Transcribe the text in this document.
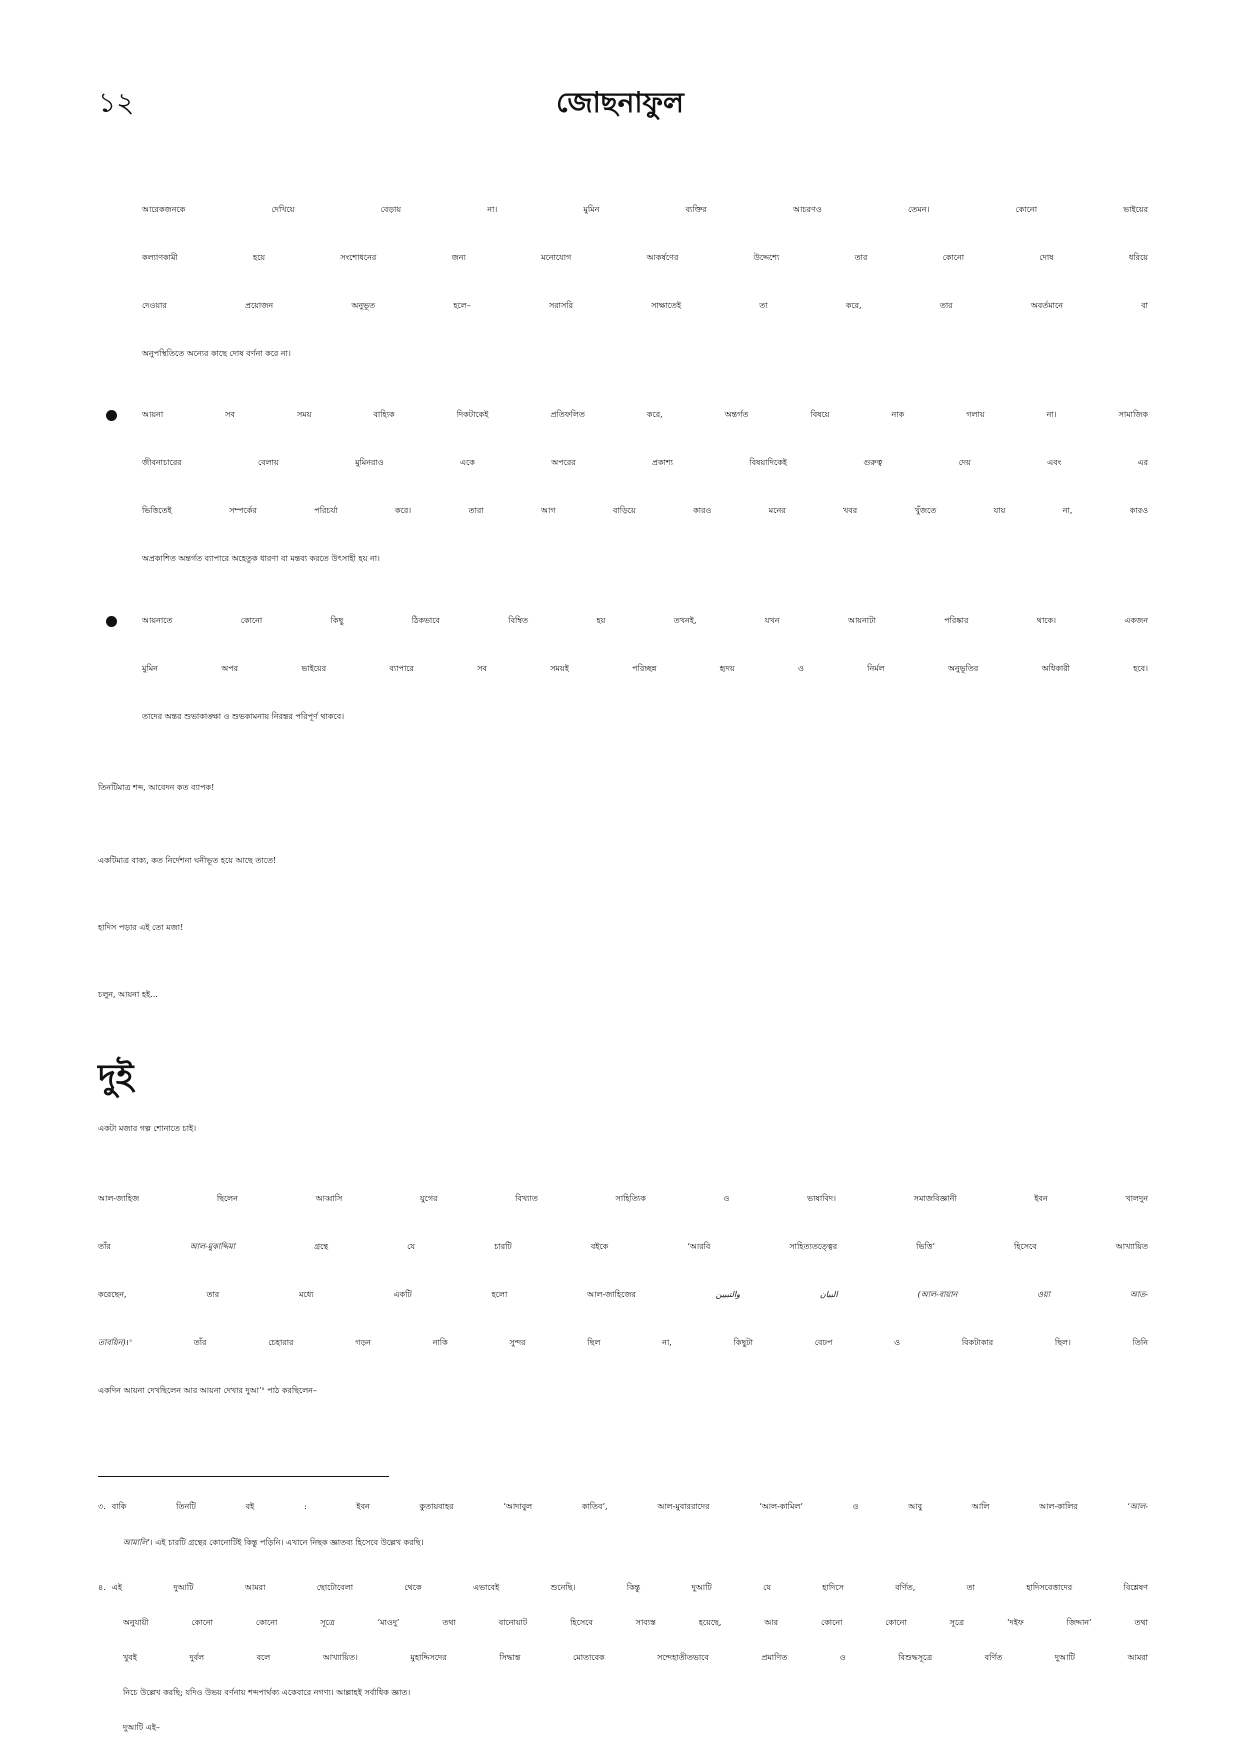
১২	জোছনাফুল
আরেকজনকে দেখিয়ে বেড়ায় না। মুমিন ব্যক্তির আচরণও তেমন। কোনো ভাইয়ের
কল্যাণকামী হয়ে সংশোধনের জন্য মনোযোগ আকর্ষণের উদ্দেশ্যে তার কোনো দোষ ধরিয়ে
দেওয়ার প্রয়োজন অনুভূত হলে– সরাসরি সাক্ষাতেই তা করে, তার অবর্তমানে বা
অনুপস্থিতিতে অন্যের কাছে দোষ বর্ণনা করে না।
আয়না সব সময় বাহ্যিক দিকটাকেই প্রতিফলিত করে, অন্তর্গত বিষয়ে নাক গলায় না। সামাজিক
জীবনাচারের বেলায় মুমিনরাও একে অপরের প্রকাশ্য বিষয়াদিকেই গুরুত্ব দেয় এবং এর
ভিত্তিতেই সম্পর্কের পরিচর্যা করে। তারা আগ বাড়িয়ে কারও মনের খবর খুঁজতে যায় না, কারও
অপ্রকাশিত অন্তর্গত ব্যাপারে অহেতুক ধারণা বা মন্তব্য করতে উৎসাহী হয় না।
আয়নাতে কোনো কিছু ঠিকভাবে বিম্বিত হয় তখনই, যখন আয়নাটা পরিষ্কার থাকে। একজন
মুমিন অপর ভাইয়ের ব্যাপারে সব সময়ই পরিচ্ছন্ন হৃদয় ও নির্মল অনুভূতির অধিকারী হবে।
তাদের অন্তর শুভাকাঙ্ক্ষা ও শুভকামনায় নিরন্তর পরিপূর্ণ থাকবে।
তিনটিমাত্র শব্দ, আবেদন কত ব্যাপক!
একটিমাত্র বাক্য, কত নির্দেশনা ঘনীভূত হয়ে আছে তাতে!
হাদিস পড়ার এই তো মজা!
চলুন, আয়না হই...
দুই
একটা মজার গল্প শোনাতে চাই।
আল-জাহিজ ছিলেন আব্বাসি যুগের বিখ্যাত সাহিত্যিক ও ভাষাবিদ। সমাজবিজ্ঞানী ইবন খালদুন
তাঁর আল-মুকাদ্দিমা গ্রন্থে যে চারটি বইকে ‘আরবি সাহিত্যতত্ত্বের ভিত্তি’ হিসেবে আখ্যায়িত
করেছেন, তার মধ্যে একটি হলো আল-জাহিজের البيان والتبيين (আল-বায়ান ওয়া আত-
তাবয়িন)।$^৩$ তাঁর চেহারার গড়ন নাকি সুন্দর ছিল না, কিছুটা বেঢপ ও বিকটাকার ছিল। তিনি
একদিন আয়না দেখছিলেন আর আয়না দেখার দুআ’$^৪$ পাঠ করছিলেন–
৩. বাকি তিনটি বই : ইবন কুতায়বাহর ‘আদাবুল কাতিব’, আল-মুবাররাদের ‘আল-কামিল’ ও আবু আলি আল-কালির ‘আল-
আমালি’। এই চারটি গ্রন্থের কোনোটিই কিন্তু পড়িনি। এখানে নিছক জ্ঞাতব্য হিসেবে উল্লেখ করছি।
৪. এই দুআটি আমরা ছোটোবেলা থেকে এভাবেই শুনেছি। কিন্তু দুআটি যে হাদিসে বর্ণিত, তা হাদিসবেত্তাদের বিশ্লেষণ
অনুযায়ী কোনো কোনো সূত্রে ‘মাওদু’ তথা বানোয়াট হিসেবে সাব্যস্ত হয়েছে, আর কোনো কোনো সূত্রে ‘দইফ জিদ্দান’ তথা
খুবই দুর্বল বলে আখ্যায়িত। মুহাদ্দিসদের সিদ্ধান্ত মোতাবেক সন্দেহাতীতভাবে প্রমাণিত ও বিশুদ্ধসূত্রে বর্ণিত দুআটি আমরা
নিচে উল্লেখ করছি; যদিও উভয় বর্ণনায় শব্দপার্থক্য একেবারে নগণ্য। আল্লাহই সর্বাধিক জ্ঞাত।
দুআটি এই–
